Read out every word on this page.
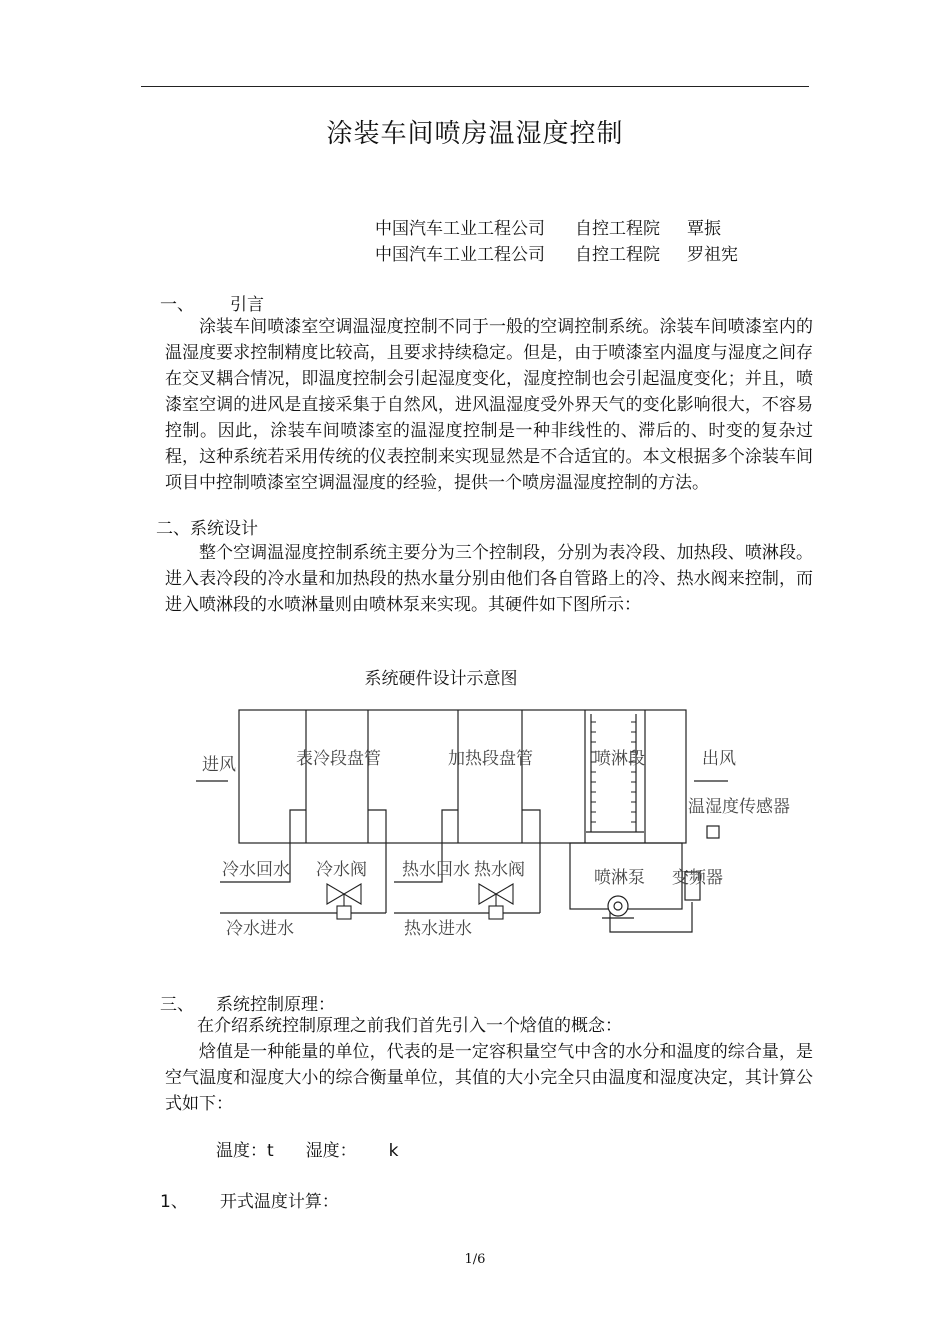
涂装车间喷房温湿度控制
中国汽车工业工程公司 自控工程院 覃振
中国汽车工业工程公司 自控工程院 罗祖宪
一、 引言

涂装车间喷漆室空调温湿度控制不同于一般的空调控制系统。涂装车间喷漆室内的温湿度要求控制精度比较高，且要求持续稳定。但是，由于喷漆室内温度与湿度之间存在交叉耦合情况，即温度控制会引起湿度变化，湿度控制也会引起温度变化；并且，喷漆室空调的进风是直接采集于自然风，进风温湿度受外界天气的变化影响很大，不容易控制。因此，涂装车间喷漆室的温湿度控制是一种非线性的、滞后的、时变的复杂过程，这种系统若采用传统的仪表控制来实现显然是不合适宜的。本文根据多个涂装车间项目中控制喷漆室空调温湿度的经验，提供一个喷房温湿度控制的方法。

二、系统设计

整个空调温湿度控制系统主要分为三个控制段，分别为表冷段、加热段、喷淋段。进入表冷段的冷水量和加热段的热水量分别由他们各自管路上的冷、热水阀来控制，而进入喷淋段的水喷淋量则由喷林泵来实现。其硬件如下图所示：

系统硬件设计示意图
进风	表冷段盘管	加热段盘管	喷淋段	出风
温湿度传感器
冷水回水 冷水阀 热水回水 热水阀	喷淋泵 变频器
冷水进水	热水进水
三、 系统控制原理：

在介绍系统控制原理之前我们首先引入一个焓值的概念：

焓值是一种能量的单位，代表的是一定容积量空气中含的水分和温度的综合量，是空气温度和湿度大小的综合衡量单位，其值的大小完全只由温度和湿度决定，其计算公式如下：

温度：t 湿度： k
1、 开式温度计算：
1/6
